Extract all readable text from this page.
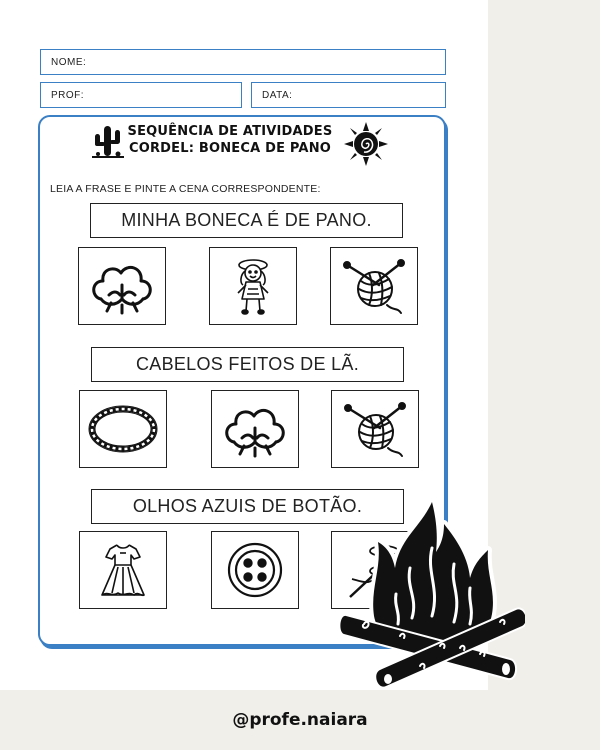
NOME:
PROF:	DATA:
SEQUÊNCIA DE ATIVIDADES
CORDEL: BONECA DE PANO
LEIA A FRASE E PINTE A CENA CORRESPONDENTE:
MINHA BONECA É DE PANO.
CABELOS FEITOS DE LÃ.
OLHOS AZUIS DE BOTÃO.
@profe.naiara
